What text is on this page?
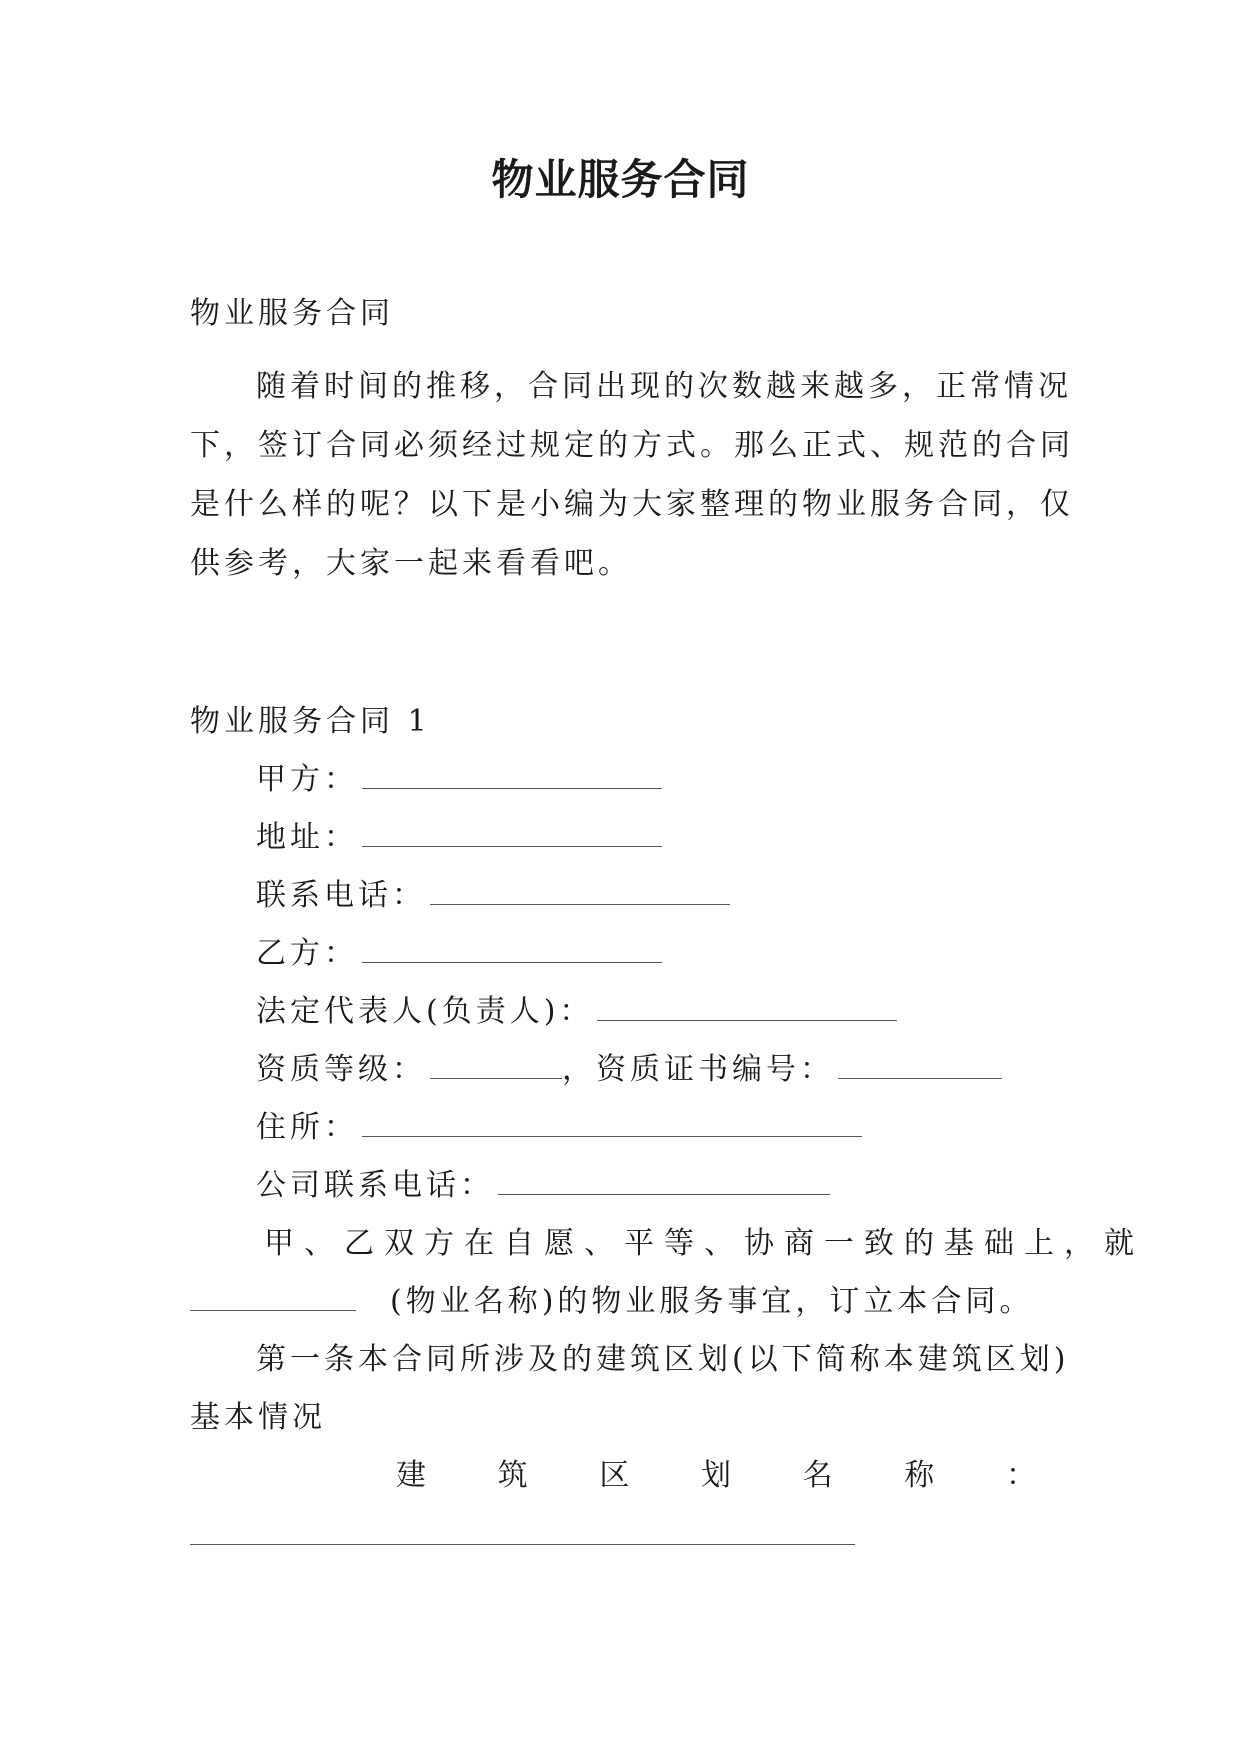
物业服务合同
物业服务合同
随着时间的推移，合同出现的次数越来越多，正常情况
下，签订合同必须经过规定的方式。那么正式、规范的合同
是什么样的呢？以下是小编为大家整理的物业服务合同，仅
供参考，大家一起来看看吧。
物业服务合同 1
甲方：
地址：
联系电话：
乙方：
法定代表人(负责人)：
资质等级：	，资质证书编号：
住所：
公司联系电话：
甲、乙双方在自愿、平等、协商一致的基础上，就
(物业名称)的物业服务事宜，订立本合同。
第一条本合同所涉及的建筑区划(以下简称本建筑区划)
基本情况
建 筑 区 划 名 称 ：
